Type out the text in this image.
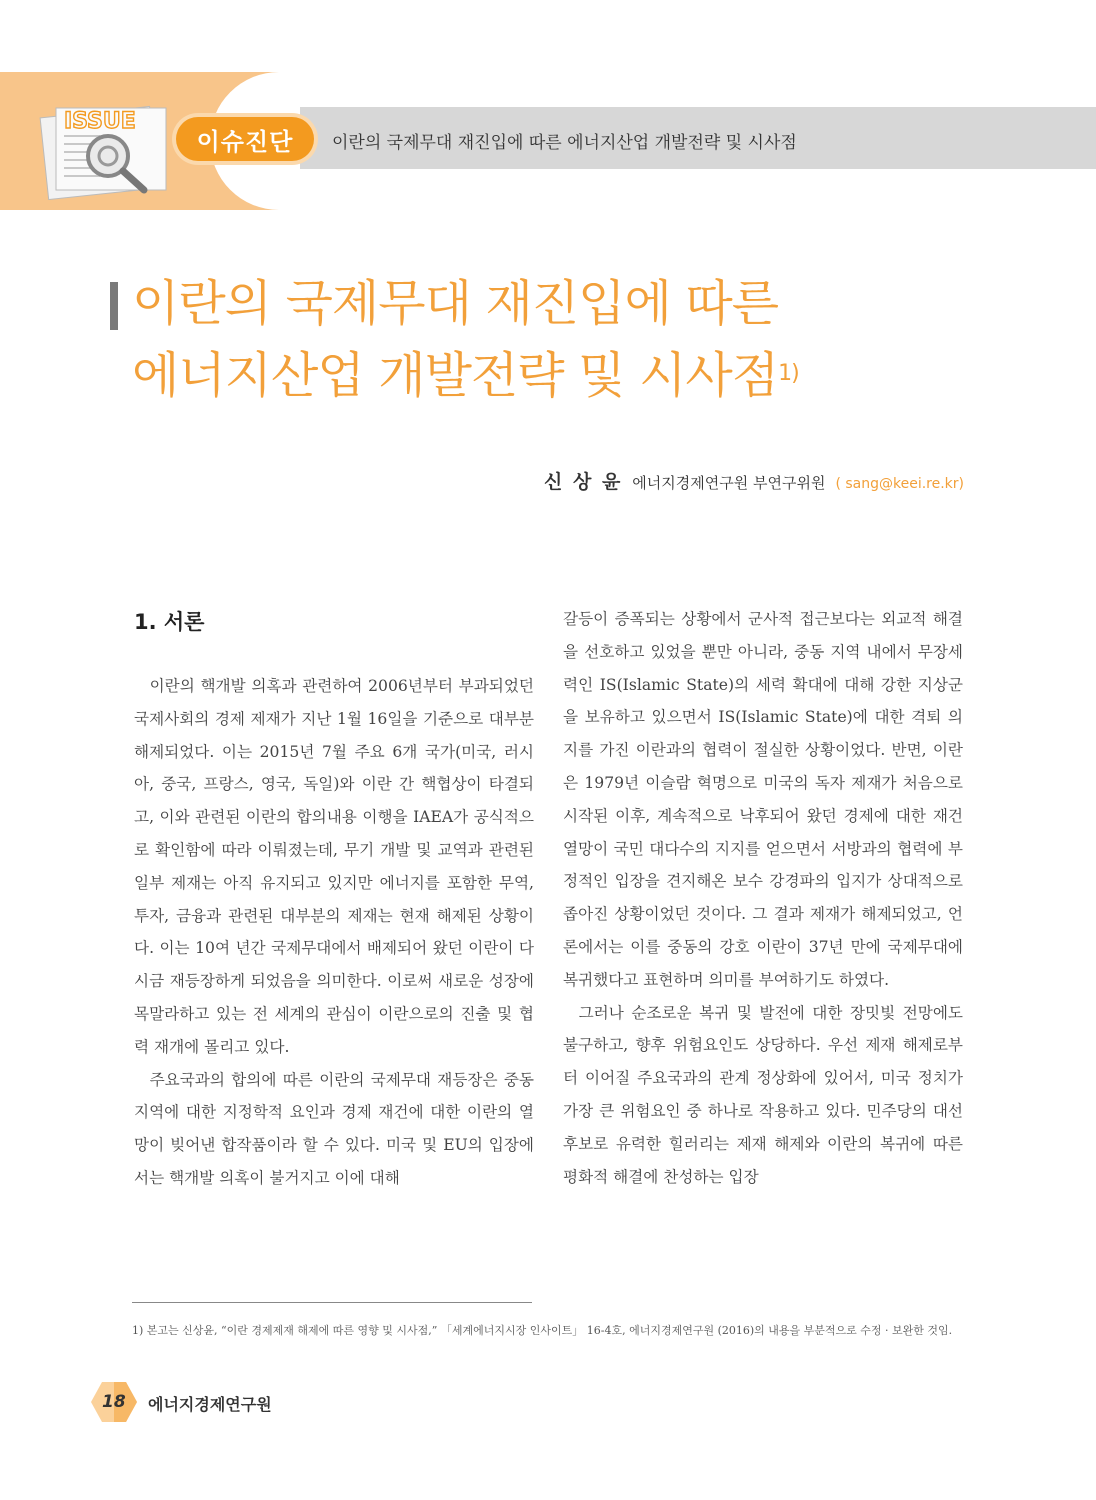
ISSUE
이슈진단	이란의 국제무대 재진입에 따른 에너지산업 개발전략 및 시사점
이란의 국제무대 재진입에 따른
에너지산업 개발전략 및 시사점$^{1)}$
신 상 윤 에너지경제연구원 부연구위원 ( sang@keei.re.kr)
1. 서론

이란의 핵개발 의혹과 관련하여 2006년부터 부과되었던 국제사회의 경제 제재가 지난 1월 16일을 기준으로 대부분 해제되었다. 이는 2015년 7월 주요 6개 국가(미국, 러시아, 중국, 프랑스, 영국, 독일)와 이란 간 핵협상이 타결되고, 이와 관련된 이란의 합의내용 이행을 IAEA가 공식적으로 확인함에 따라 이뤄졌는데, 무기 개발 및 교역과 관련된 일부 제재는 아직 유지되고 있지만 에너지를 포함한 무역, 투자, 금융과 관련된 대부분의 제재는 현재 해제된 상황이다. 이는 10여 년간 국제무대에서 배제되어 왔던 이란이 다시금 재등장하게 되었음을 의미한다. 이로써 새로운 성장에 목말라하고 있는 전 세계의 관심이 이란으로의 진출 및 협력 재개에 몰리고 있다.

주요국과의 합의에 따른 이란의 국제무대 재등장은 중동 지역에 대한 지정학적 요인과 경제 재건에 대한 이란의 열망이 빚어낸 합작품이라 할 수 있다. 미국 및 EU의 입장에서는 핵개발 의혹이 불거지고 이에 대해

갈등이 증폭되는 상황에서 군사적 접근보다는 외교적 해결을 선호하고 있었을 뿐만 아니라, 중동 지역 내에서 무장세력인 IS(Islamic State)의 세력 확대에 대해 강한 지상군을 보유하고 있으면서 IS(Islamic State)에 대한 격퇴 의지를 가진 이란과의 협력이 절실한 상황이었다. 반면, 이란은 1979년 이슬람 혁명으로 미국의 독자 제재가 처음으로 시작된 이후, 계속적으로 낙후되어 왔던 경제에 대한 재건 열망이 국민 대다수의 지지를 얻으면서 서방과의 협력에 부정적인 입장을 견지해온 보수 강경파의 입지가 상대적으로 좁아진 상황이었던 것이다. 그 결과 제재가 해제되었고, 언론에서는 이를 중동의 강호 이란이 37년 만에 국제무대에 복귀했다고 표현하며 의미를 부여하기도 하였다.

그러나 순조로운 복귀 및 발전에 대한 장밋빛 전망에도 불구하고, 향후 위험요인도 상당하다. 우선 제재 해제로부터 이어질 주요국과의 관계 정상화에 있어서, 미국 정치가 가장 큰 위험요인 중 하나로 작용하고 있다. 민주당의 대선 후보로 유력한 힐러리는 제재 해제와 이란의 복귀에 따른 평화적 해결에 찬성하는 입장

1) 본고는 신상윤, “이란 경제제재 해제에 따른 영향 및 시사점,” 「세계에너지시장 인사이트」 16-4호, 에너지경제연구원 (2016)의 내용을 부분적으로 수정 · 보완한 것임.
18 에너지경제연구원
